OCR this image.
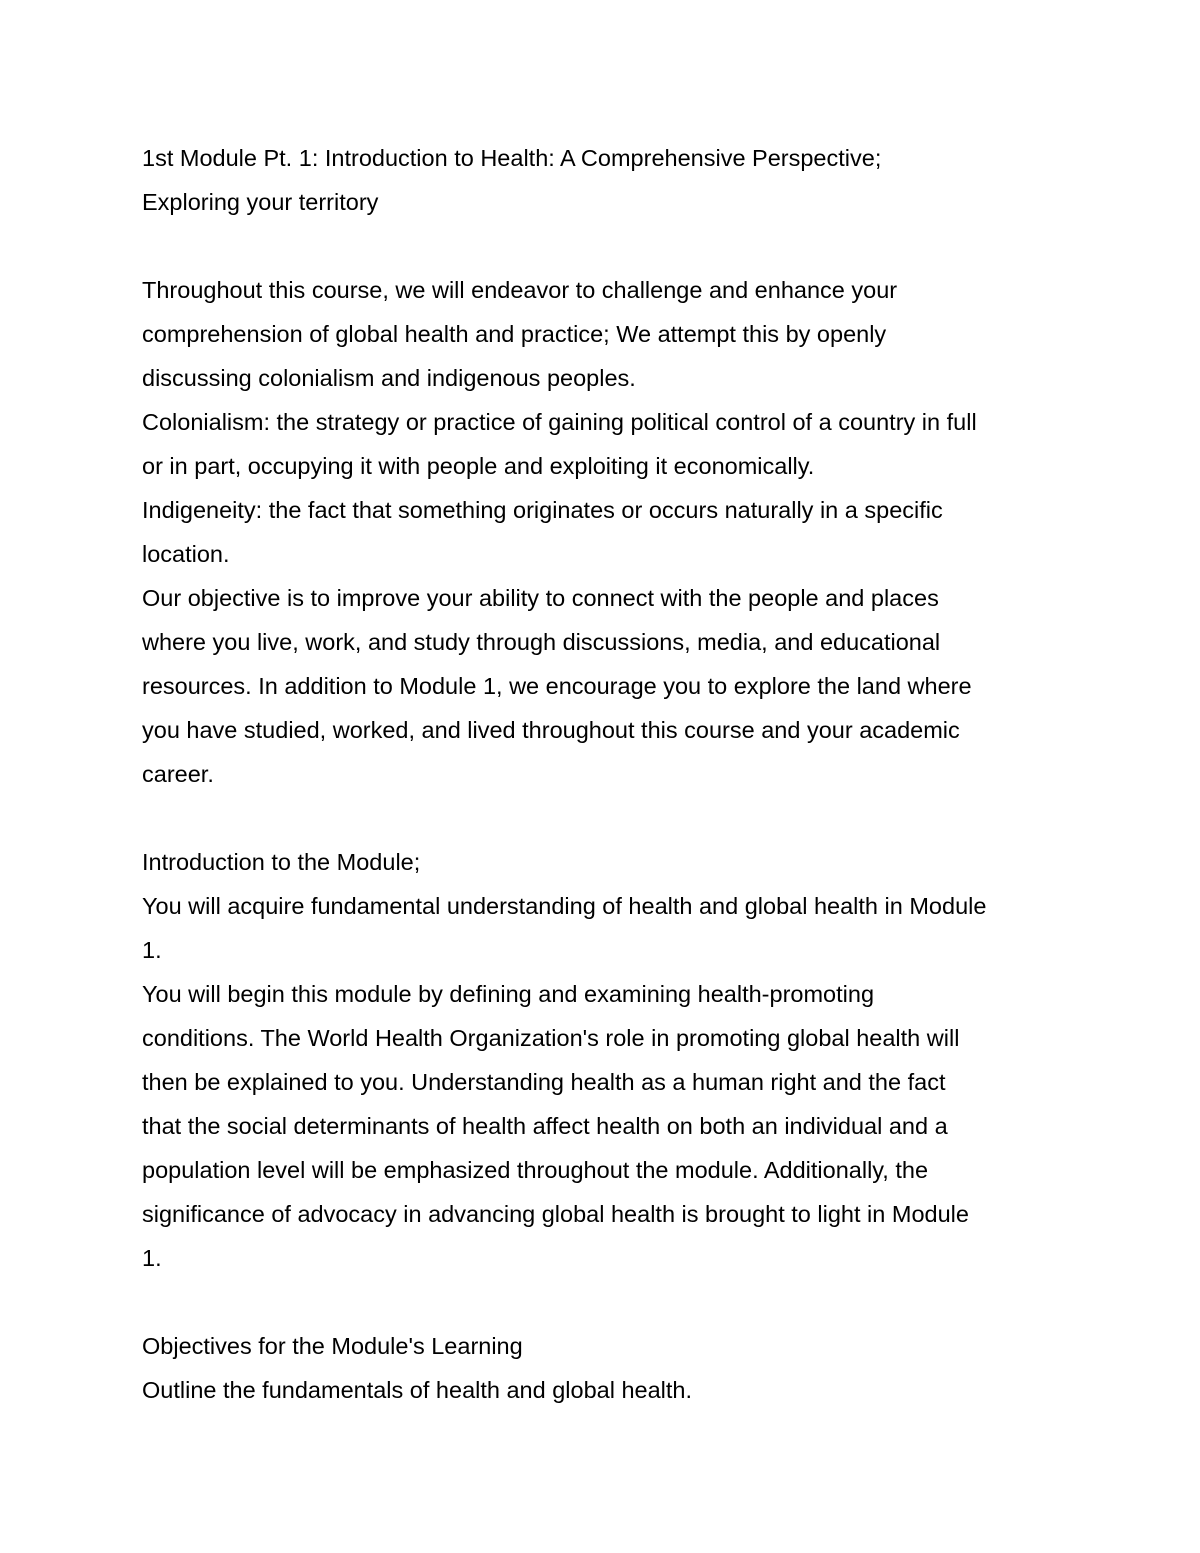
1st Module Pt. 1: Introduction to Health: A Comprehensive Perspective;
Exploring your territory
Throughout this course, we will endeavor to challenge and enhance your
comprehension of global health and practice; We attempt this by openly
discussing colonialism and indigenous peoples.
Colonialism: the strategy or practice of gaining political control of a country in full
or in part, occupying it with people and exploiting it economically.
Indigeneity: the fact that something originates or occurs naturally in a specific
location.
Our objective is to improve your ability to connect with the people and places
where you live, work, and study through discussions, media, and educational
resources. In addition to Module 1, we encourage you to explore the land where
you have studied, worked, and lived throughout this course and your academic
career.
Introduction to the Module;
You will acquire fundamental understanding of health and global health in Module
1.
You will begin this module by defining and examining health-promoting
conditions. The World Health Organization's role in promoting global health will
then be explained to you. Understanding health as a human right and the fact
that the social determinants of health affect health on both an individual and a
population level will be emphasized throughout the module. Additionally, the
significance of advocacy in advancing global health is brought to light in Module
1.
Objectives for the Module's Learning
Outline the fundamentals of health and global health.
